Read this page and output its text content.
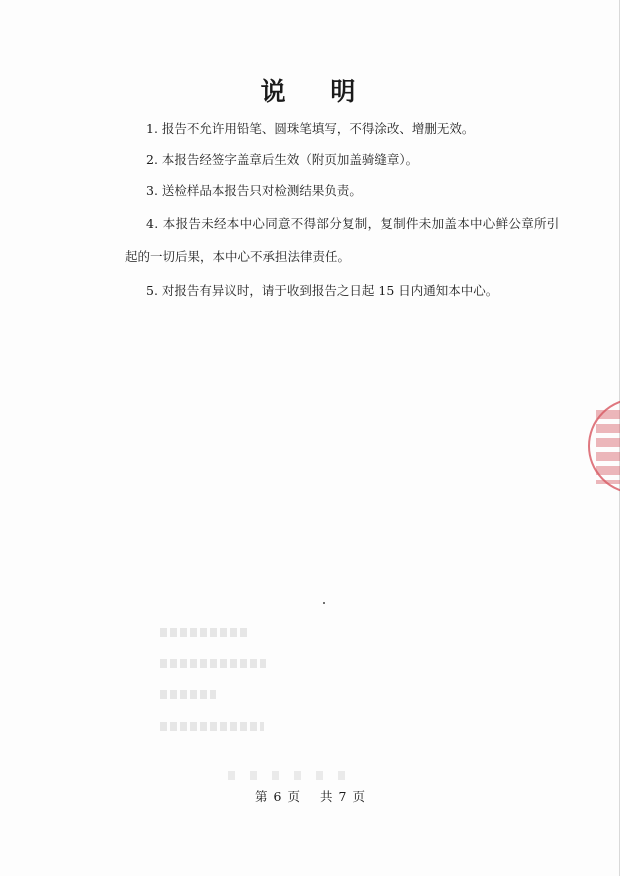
说 明
1. 报告不允许用铅笔、圆珠笔填写，不得涂改、增删无效。
2. 本报告经签字盖章后生效（附页加盖骑缝章）。
3. 送检样品本报告只对检测结果负责。
4. 本报告未经本中心同意不得部分复制，复制件未加盖本中心鲜公章所引
起的一切后果，本中心不承担法律责任。
5. 对报告有异议时，请于收到报告之日起 15 日内通知本中心。
第 6 页 共 7 页
